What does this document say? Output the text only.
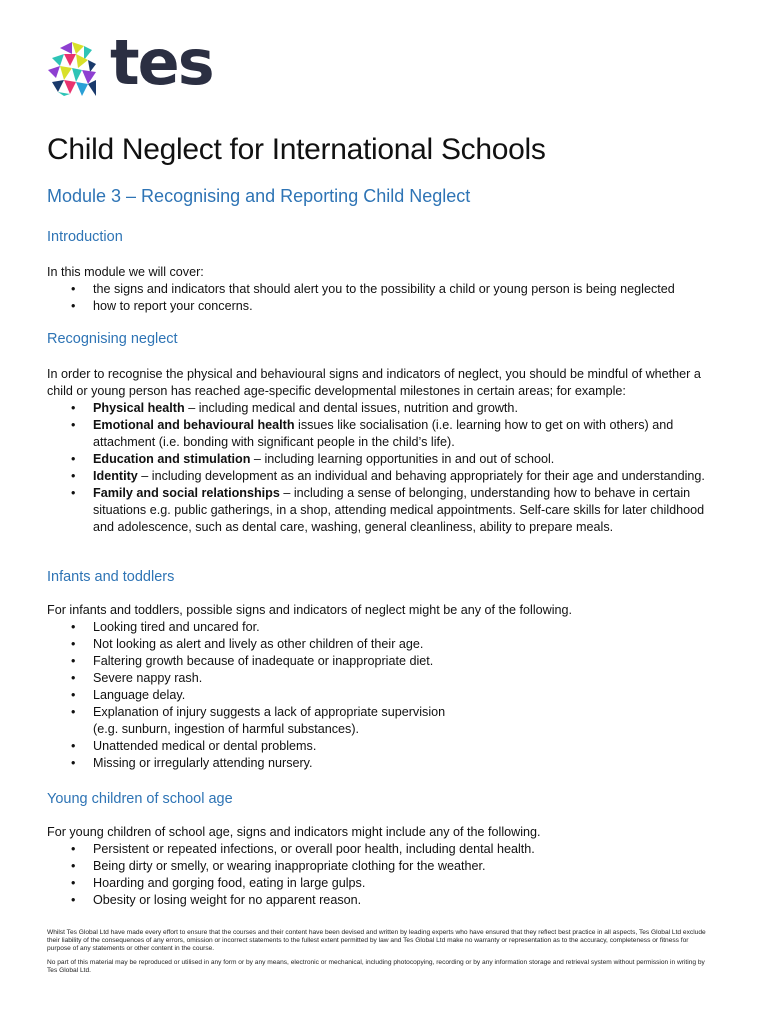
tes
Child Neglect for International Schools
Module 3 – Recognising and Reporting Child Neglect
Introduction

In this module we will cover:

• the signs and indicators that should alert you to the possibility a child or young person is being neglected
• how to report your concerns.
Recognising neglect

In order to recognise the physical and behavioural signs and indicators of neglect, you should be mindful of whether a child or young person has reached age-specific developmental milestones in certain areas; for example:

• Physical health – including medical and dental issues, nutrition and growth.
• Emotional and behavioural health issues like socialisation (i.e. learning how to get on with others) and attachment (i.e. bonding with significant people in the child’s life).
• Education and stimulation – including learning opportunities in and out of school.
• Identity – including development as an individual and behaving appropriately for their age and understanding.
• Family and social relationships – including a sense of belonging, understanding how to behave in certain situations e.g. public gatherings, in a shop, attending medical appointments. Self-care skills for later childhood and adolescence, such as dental care, washing, general cleanliness, ability to prepare meals.
Infants and toddlers

For infants and toddlers, possible signs and indicators of neglect might be any of the following.

• Looking tired and uncared for.
• Not looking as alert and lively as other children of their age.
• Faltering growth because of inadequate or inappropriate diet.
• Severe nappy rash.
• Language delay.
• Explanation of injury suggests a lack of appropriate supervision (e.g. sunburn, ingestion of harmful substances).
• Unattended medical or dental problems.
• Missing or irregularly attending nursery.
Young children of school age

For young children of school age, signs and indicators might include any of the following.

• Persistent or repeated infections, or overall poor health, including dental health.
• Being dirty or smelly, or wearing inappropriate clothing for the weather.
• Hoarding and gorging food, eating in large gulps.
• Obesity or losing weight for no apparent reason.

Whilst Tes Global Ltd have made every effort to ensure that the courses and their content have been devised and written by leading experts who have ensured that they reflect best practice in all aspects, Tes Global Ltd exclude their liability of the consequences of any errors, omission or incorrect statements to the fullest extent permitted by law and Tes Global Ltd make no warranty or representation as to the accuracy, completeness or fitness for purpose of any statements or other content in the course.

No part of this material may be reproduced or utilised in any form or by any means, electronic or mechanical, including photocopying, recording or by any information storage and retrieval system without permission in writing by Tes Global Ltd.
